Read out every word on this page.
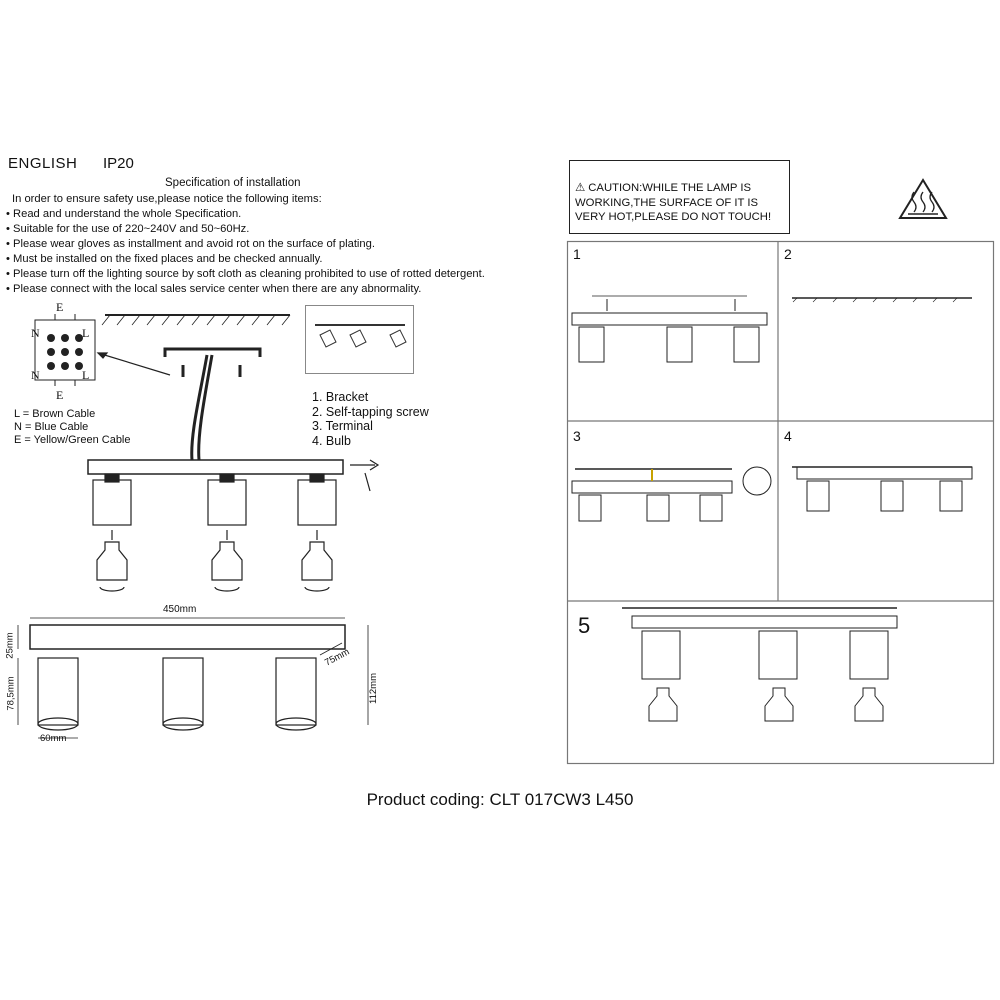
ENGLISH IP20
Specification of installation
In order to ensure safety use,please notice the following items:
• Read and understand the whole Specification.
• Suitable for the use of 220~240V and 50~60Hz.
• Please wear gloves as installment and avoid rot on the surface of plating.
• Must be installed on the fixed places and be checked annually.
• Please turn off the lighting source by soft cloth as cleaning prohibited to use of rotted detergent.
• Please connect with the local sales service center when there are any abnormality.
E
N	L
N	L
E
L = Brown Cable
N = Blue Cable
E = Yellow/Green Cable
1. Bracket
2. Self-tapping screw
3. Terminal
4. Bulb
450mm
25mm
78,5mm
75mm
112mm
60mm
⚠ CAUTION:WHILE THE LAMP IS
WORKING,THE SURFACE OF IT IS
VERY HOT,PLEASE DO NOT TOUCH!
1	2
3	4
5
Product coding: CLT 017CW3 L450
